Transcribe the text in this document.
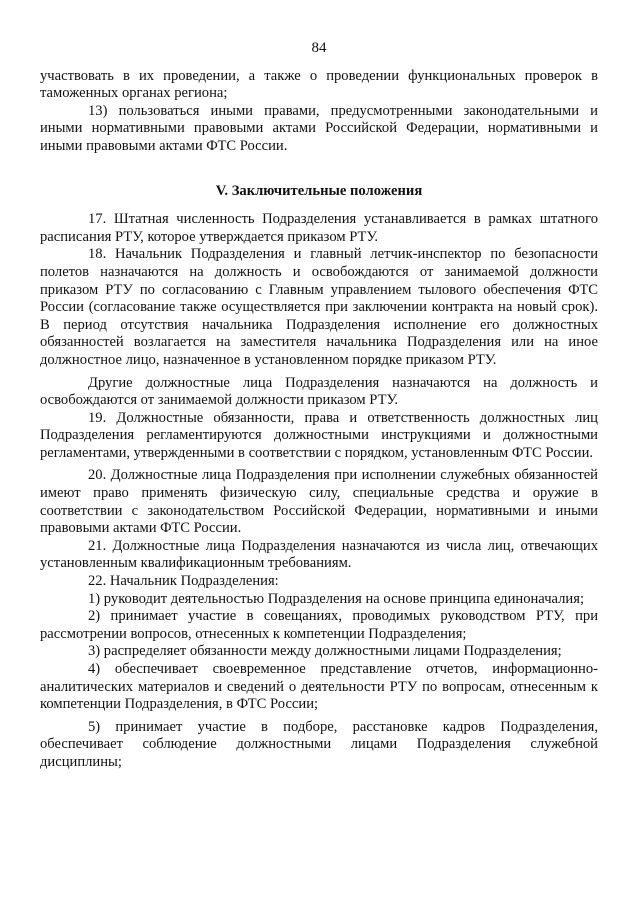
84

участвовать в их проведении, а также о проведении функциональных проверок в таможенных органах региона;

13) пользоваться иными правами, предусмотренными законодательными и иными нормативными правовыми актами Российской Федерации, нормативными и иными правовыми актами ФТС России.

V. Заключительные положения

17. Штатная численность Подразделения устанавливается в рамках штатного расписания РТУ, которое утверждается приказом РТУ.

18. Начальник Подразделения и главный летчик-инспектор по безопасности полетов назначаются на должность и освобождаются от занимаемой должности приказом РТУ по согласованию с Главным управлением тылового обеспечения ФТС России (согласование также осуществляется при заключении контракта на новый срок). В период отсутствия начальника Подразделения исполнение его должностных обязанностей возлагается на заместителя начальника Подразделения или на иное должностное лицо, назначенное в установленном порядке приказом РТУ.

Другие должностные лица Подразделения назначаются на должность и освобождаются от занимаемой должности приказом РТУ.

19. Должностные обязанности, права и ответственность должностных лиц Подразделения регламентируются должностными инструкциями и должностными регламентами, утвержденными в соответствии с порядком, установленным ФТС России.

20. Должностные лица Подразделения при исполнении служебных обязанностей имеют право применять физическую силу, специальные средства и оружие в соответствии с законодательством Российской Федерации, нормативными и иными правовыми актами ФТС России.

21. Должностные лица Подразделения назначаются из числа лиц, отвечающих установленным квалификационным требованиям.

22. Начальник Подразделения:

1) руководит деятельностью Подразделения на основе принципа единоначалия;

2) принимает участие в совещаниях, проводимых руководством РТУ, при рассмотрении вопросов, отнесенных к компетенции Подразделения;

3) распределяет обязанности между должностными лицами Подразделения;

4) обеспечивает своевременное представление отчетов, информационно-аналитических материалов и сведений о деятельности РТУ по вопросам, отнесенным к компетенции Подразделения, в ФТС России;

5) принимает участие в подборе, расстановке кадров Подразделения, обеспечивает соблюдение должностными лицами Подразделения служебной дисциплины;
